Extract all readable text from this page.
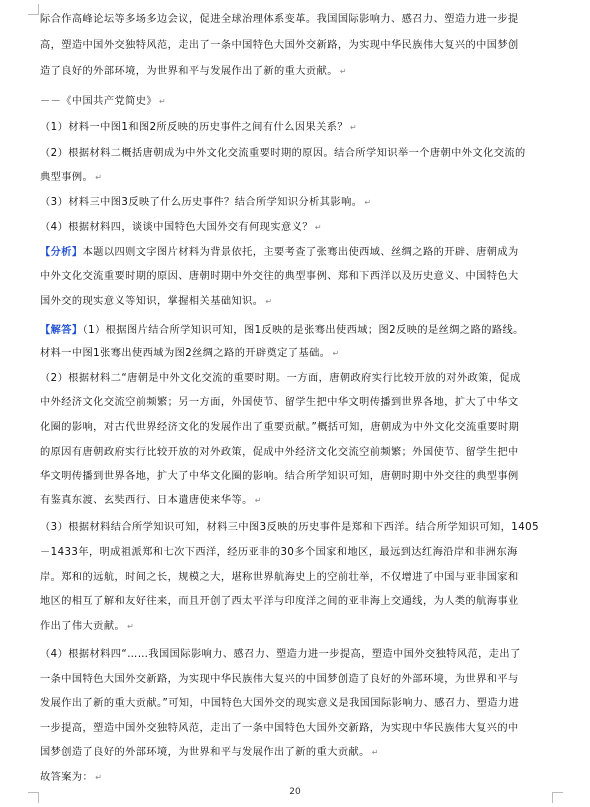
际合作高峰论坛等多场多边会议，促进全球治理体系变革。我国国际影响力、感召力、塑造力进一步提
高，塑造中国外交独特风范，走出了一条中国特色大国外交新路，为实现中华民族伟大复兴的中国梦创
造了良好的外部环境，为世界和平与发展作出了新的重大贡献。 ↵
－－《中国共产党简史》 ↵
（1）材料一中图1和图2所反映的历史事件之间有什么因果关系？ ↵
（2）根据材料二概括唐朝成为中外文化交流重要时期的原因。结合所学知识举一个唐朝中外文化交流的
典型事例。 ↵
（3）材料三中图3反映了什么历史事件？结合所学知识分析其影响。 ↵
（4）根据材料四，谈谈中国特色大国外交有何现实意义？ ↵
【分析】本题以四则文字图片材料为背景依托，主要考查了张骞出使西域、丝绸之路的开辟、唐朝成为
中外文化交流重要时期的原因、唐朝时期中外交往的典型事例、郑和下西洋以及历史意义、中国特色大
国外交的现实意义等知识，掌握相关基础知识。 ↵
【解答】（1）根据图片结合所学知识可知，图1反映的是张骞出使西域；图2反映的是丝绸之路的路线。
材料一中图1张骞出使西域为图2丝绸之路的开辟奠定了基础。 ↵
（2）根据材料二“唐朝是中外文化交流的重要时期。一方面，唐朝政府实行比较开放的对外政策，促成
中外经济文化交流空前频繁；另一方面，外国使节、留学生把中华文明传播到世界各地，扩大了中华文
化圈的影响，对古代世界经济文化的发展作出了重要贡献。”概括可知，唐朝成为中外文化交流重要时期
的原因有唐朝政府实行比较开放的对外政策，促成中外经济文化交流空前频繁；外国使节、留学生把中
华文明传播到世界各地，扩大了中华文化圈的影响。结合所学知识可知，唐朝时期中外交往的典型事例
有鉴真东渡、玄奘西行、日本遣唐使来华等。 ↵
（3）根据材料结合所学知识可知，材料三中图3反映的历史事件是郑和下西洋。结合所学知识可知，1405
－1433年，明成祖派郑和七次下西洋，经历亚非的30多个国家和地区，最远到达红海沿岸和非洲东海
岸。郑和的远航，时间之长，规模之大，堪称世界航海史上的空前壮举，不仅增进了中国与亚非国家和
地区的相互了解和友好往来，而且开创了西太平洋与印度洋之间的亚非海上交通线，为人类的航海事业
作出了伟大贡献。 ↵
（4）根据材料四“……我国国际影响力、感召力、塑造力进一步提高，塑造中国外交独特风范，走出了
一条中国特色大国外交新路，为实现中华民族伟大复兴的中国梦创造了良好的外部环境，为世界和平与
发展作出了新的重大贡献。”可知，中国特色大国外交的现实意义是我国国际影响力、感召力、塑造力进
一步提高，塑造中国外交独特风范，走出了一条中国特色大国外交新路，为实现中华民族伟大复兴的中
国梦创造了良好的外部环境，为世界和平与发展作出了新的重大贡献。 ↵
故答案为： ↵
20
